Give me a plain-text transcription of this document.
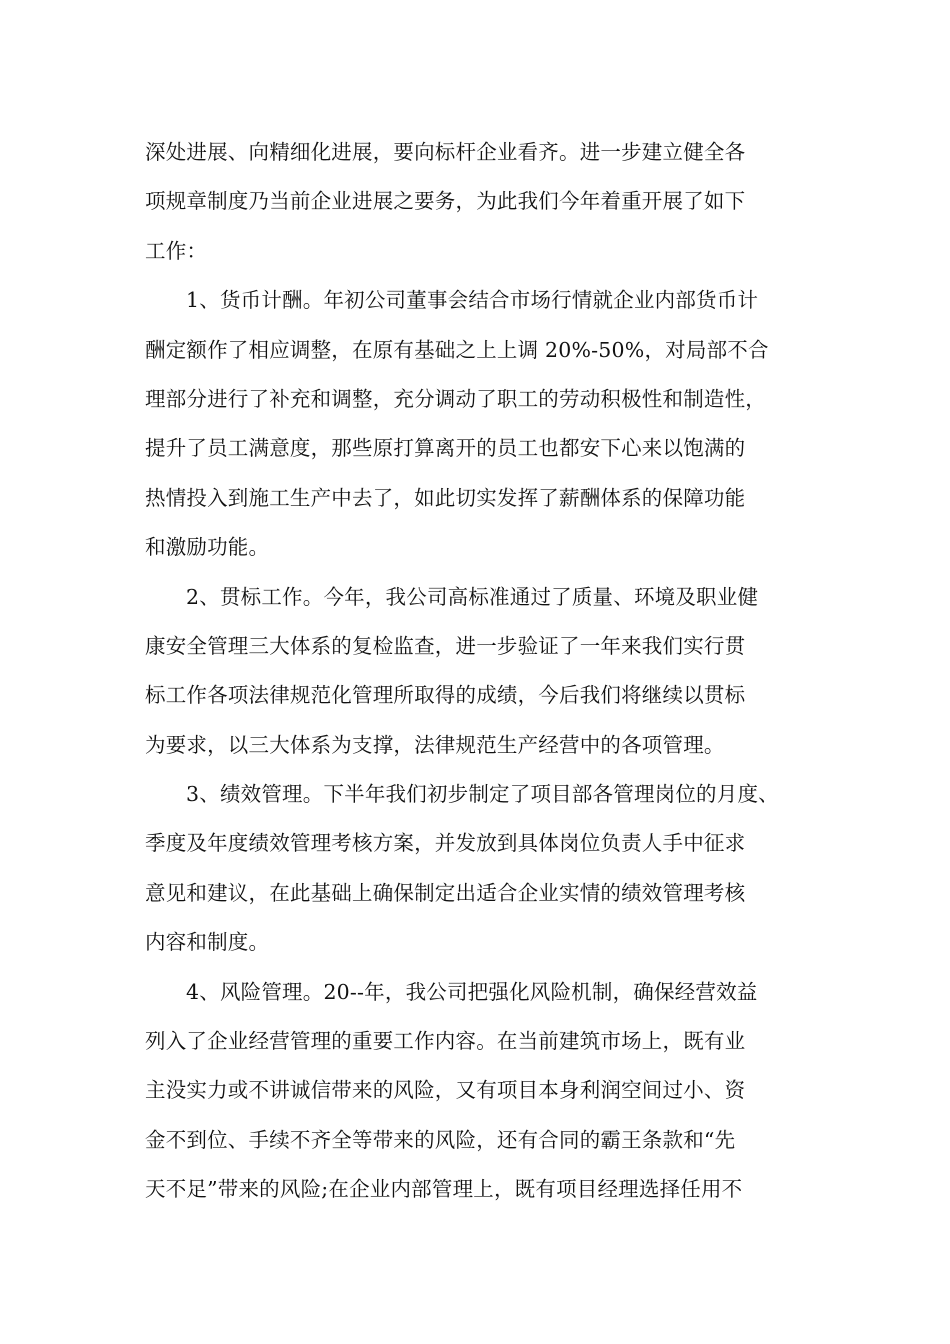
深处进展、向精细化进展，要向标杆企业看齐。进一步建立健全各
项规章制度乃当前企业进展之要务，为此我们今年着重开展了如下
工作：
1、货币计酬。年初公司董事会结合市场行情就企业内部货币计
酬定额作了相应调整，在原有基础之上上调 20%-50%，对局部不合
理部分进行了补充和调整，充分调动了职工的劳动积极性和制造性，
提升了员工满意度，那些原打算离开的员工也都安下心来以饱满的
热情投入到施工生产中去了，如此切实发挥了薪酬体系的保障功能
和激励功能。
2、贯标工作。今年，我公司高标准通过了质量、环境及职业健
康安全管理三大体系的复检监查，进一步验证了一年来我们实行贯
标工作各项法律规范化管理所取得的成绩，今后我们将继续以贯标
为要求，以三大体系为支撑，法律规范生产经营中的各项管理。
3、绩效管理。下半年我们初步制定了项目部各管理岗位的月度、
季度及年度绩效管理考核方案，并发放到具体岗位负责人手中征求
意见和建议，在此基础上确保制定出适合企业实情的绩效管理考核
内容和制度。
4、风险管理。20--年，我公司把强化风险机制，确保经营效益
列入了企业经营管理的重要工作内容。在当前建筑市场上，既有业
主没实力或不讲诚信带来的风险，又有项目本身利润空间过小、资
金不到位、手续不齐全等带来的风险，还有合同的霸王条款和“先
天不足”带来的风险;在企业内部管理上，既有项目经理选择任用不
